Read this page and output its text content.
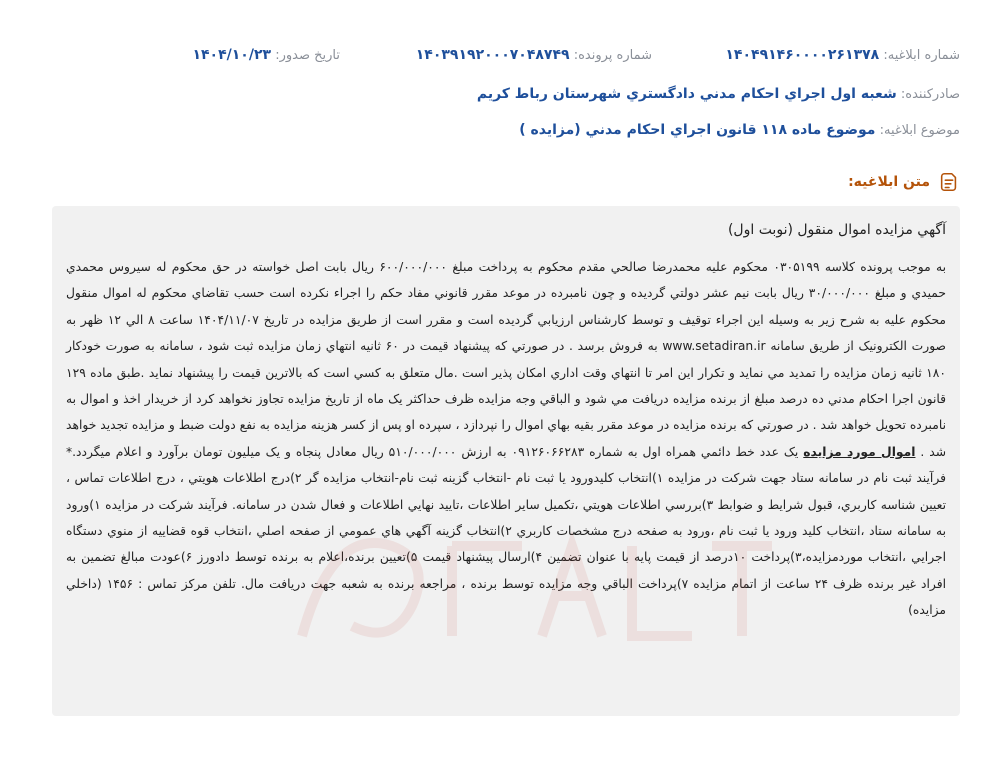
شماره ابلاغيه: ۱۴۰۴۹۱۴۶۰۰۰۰۲۶۱۳۷۸
شماره پرونده: ۱۴۰۳۹۱۹۲۰۰۰۷۰۴۸۷۴۹
تاريخ صدور: ۱۴۰۴/۱۰/۲۳
صادرکننده: شعبه اول اجراي احكام مدني دادگستري شهرستان رباط كريم
موضوع ابلاغيه: موضوع ماده ۱۱۸ قانون اجراي احكام مدني (مزايده )
متن ابلاغيه:

آگهي مزايده اموال منقول (نوبت اول)

به موجب پرونده کلاسه ۰۳۰۵۱۹۹ محكوم عليه محمدرضا صالحي مقدم محكوم به پرداخت مبلغ ۶۰۰/۰۰۰/۰۰۰ ريال بابت اصل خواسته در حق محكوم له سيروس محمدي حميدي و مبلغ ۳۰/۰۰۰/۰۰۰ ريال بابت نيم عشر دولتي گرديده و چون نامبرده در موعد مقرر قانوني مفاد حكم را اجراء نكرده است حسب تقاضاي محكوم له اموال منقول محكوم عليه به شرح زير به وسيله اين اجراء توقيف و توسط كارشناس ارزيابي گرديده است و مقرر است از طريق مزايده در تاريخ ۱۴۰۴/۱۱/۰۷ ساعت ۸ الي ۱۲ ظهر به صورت الكترونيک از طريق سامانه www.setadiran.ir به فروش برسد . در صورتي كه پيشنهاد قيمت در ۶۰ ثانيه انتهاي زمان مزايده ثبت شود ، سامانه به صورت خودكار ۱۸۰ ثانيه زمان مزايده را تمديد مي نمايد و تكرار اين امر تا انتهاي وقت اداري امكان پذير است .مال متعلق به كسي است كه بالاترين قيمت را پيشنهاد نمايد .طبق ماده ۱۲۹ قانون اجرا احكام مدني ده درصد مبلغ از برنده مزايده دريافت مي شود و الباقي وجه مزايده ظرف حداكثر يک ماه از تاريخ مزايده تجاوز نخواهد كرد از خريدار اخذ و اموال به نامبرده تحويل خواهد شد . در صورتي كه برنده مزايده در موعد مقرر بقيه بهاي اموال را نپردازد ، سپرده او پس از كسر هزينه مزايده به نفع دولت ضبط و مزايده تجديد خواهد شد . اموال مورد مزايده يک عدد خط دائمي همراه اول به شماره ۰۹۱۲۶۰۶۶۲۸۳ به ارزش ۵۱۰/۰۰۰/۰۰۰ ريال معادل پنجاه و يک ميليون تومان برآورد و اعلام ميگردد.* فرآيند ثبت نام در سامانه ستاد جهت شركت در مزايده ۱)انتخاب كليدورود يا ثبت نام -انتخاب گزينه ثبت نام-انتخاب مزايده گر ۲)درج اطلاعات هويتي ، درج اطلاعات تماس ، تعيين شناسه كاربري، قبول شرايط و ضوابط ۳)بررسي اطلاعات هويتي ،تكميل ساير اطلاعات ،تاييد نهايي اطلاعات و فعال شدن در سامانه. فرآيند شركت در مزايده ۱)ورود به سامانه ستاد ،انتخاب كليد ورود يا ثبت نام ،ورود به صفحه درج مشخصات كاربري ۲)انتخاب گزينه آگهي هاي عمومي از صفحه اصلي ،انتخاب قوه قضاييه از منوي دستگاه اجرايي ،انتخاب موردمزايده،۳)پرداخت ۱۰درصد از قيمت پايه با عنوان تضمين ۴)ارسال پيشنهاد قيمت ۵)تعيين برنده،اعلام به برنده توسط دادورز ۶)عودت مبالغ تضمين به افراد غير برنده ظرف ۲۴ ساعت از اتمام مزايده ۷)پرداخت الباقي وجه مزايده توسط برنده ، مراجعه برنده به شعبه جهت دريافت مال. تلفن مركز تماس : ۱۴۵۶ (داخلي مزايده)
